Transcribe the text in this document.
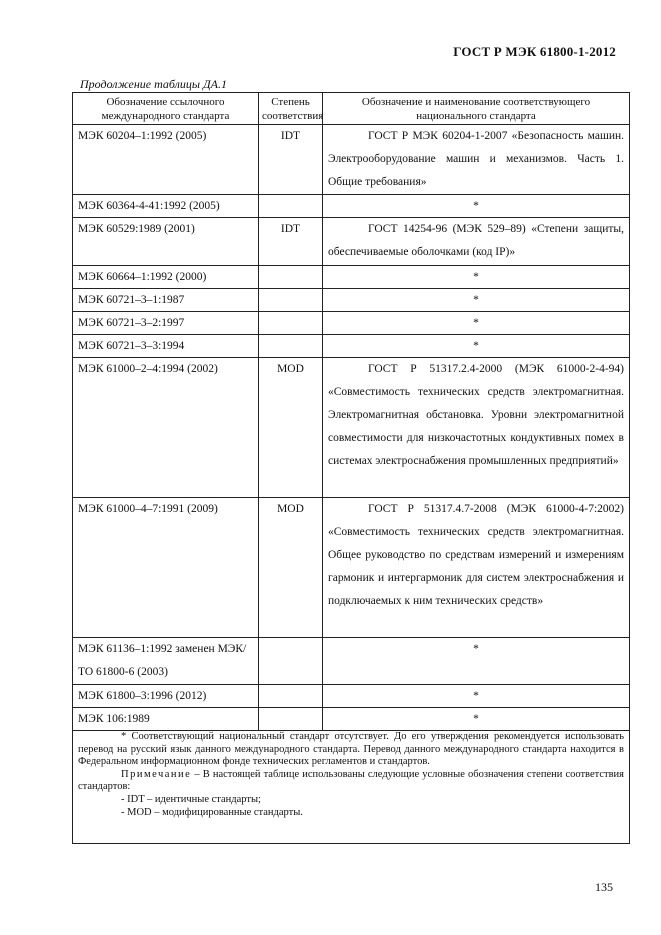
ГОСТ Р МЭК 61800-1-2012
Продолжение таблицы ДА.1
Обозначение ссылочного международного стандарта	Степень соответствия	Обозначение и наименование соответствующего национального стандарта
МЭК 60204–1:1992 (2005)	IDT	ГОСТ Р МЭК 60204-1-2007 «Безопасность машин. Электрооборудование машин и механизмов. Часть 1. Общие требования»
МЭК 60364-4-41:1992 (2005)		*
МЭК 60529:1989 (2001)	IDT	ГОСТ 14254-96 (МЭК 529–89) «Степени защиты, обеспечиваемые оболочками (код IP)»
МЭК 60664–1:1992 (2000)		*
МЭК 60721–3–1:1987		*
МЭК 60721–3–2:1997		*
МЭК 60721–3–3:1994		*
МЭК 61000–2–4:1994 (2002)	MOD	ГОСТ Р 51317.2.4-2000 (МЭК 61000-2-4-94) «Совместимость технических средств электромагнитная. Электромагнитная обстановка. Уровни электромагнитной совместимости для низкочастотных кондуктивных помех в системах электроснабжения промышленных предприятий»
МЭК 61000–4–7:1991 (2009)	MOD	ГОСТ Р 51317.4.7-2008 (МЭК 61000-4-7:2002) «Совместимость технических средств электромагнитная. Общее руководство по средствам измерений и измерениям гармоник и интергармоник для систем электроснабжения и подключаемых к ним технических средств»
МЭК 61136–1:1992 заменен МЭК/ТО 61800-6 (2003)		*
МЭК 61800–3:1996 (2012)		*
МЭК 106:1989		*

* Соответствующий национальный стандарт отсутствует. До его утверждения рекомендуется использовать перевод на русский язык данного международного стандарта. Перевод данного международного стандарта находится в Федеральном информационном фонде технических регламентов и стандартов.

Примечание – В настоящей таблице использованы следующие условные обозначения степени соответствия стандартов:

- IDT – идентичные стандарты;

- MOD – модифицированные стандарты.		

135
